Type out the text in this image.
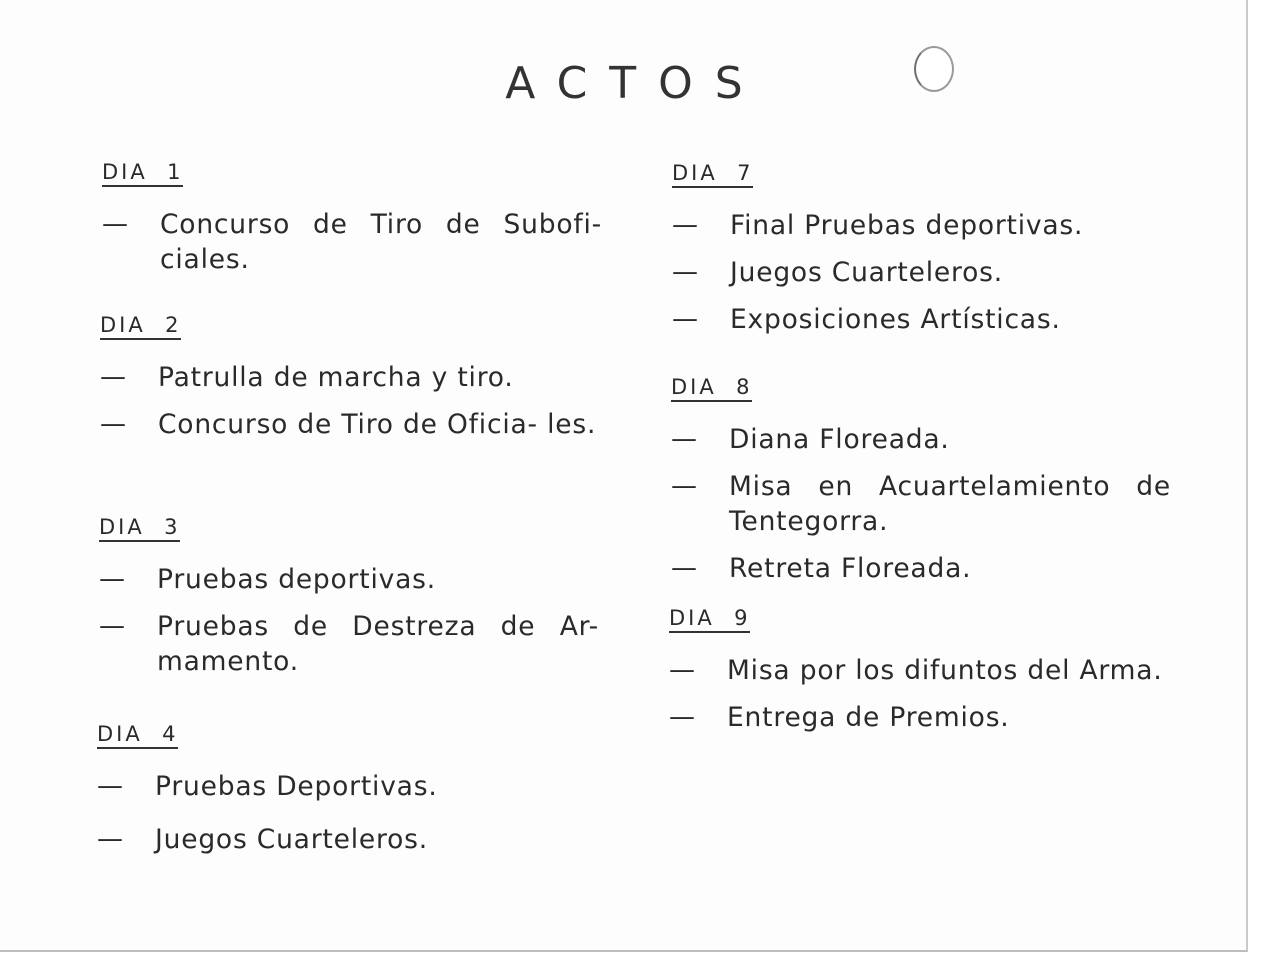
ACTOS
DIA  1
— Concurso de Tiro de Subofi- ciales.
DIA  2
— Patrulla de marcha y tiro.
— Concurso de Tiro de Oficia- les.
DIA  3
— Pruebas deportivas.
— Pruebas de Destreza de Ar- mamento.
DIA  4
— Pruebas Deportivas.
— Juegos Cuarteleros.
DIA  7
— Final Pruebas deportivas.
— Juegos Cuarteleros.
— Exposiciones Artísticas.
DIA  8
— Diana Floreada.
— Misa en Acuartelamiento de Tentegorra.
— Retreta Floreada.
DIA  9
— Misa por los difuntos del Arma.
— Entrega de Premios.
